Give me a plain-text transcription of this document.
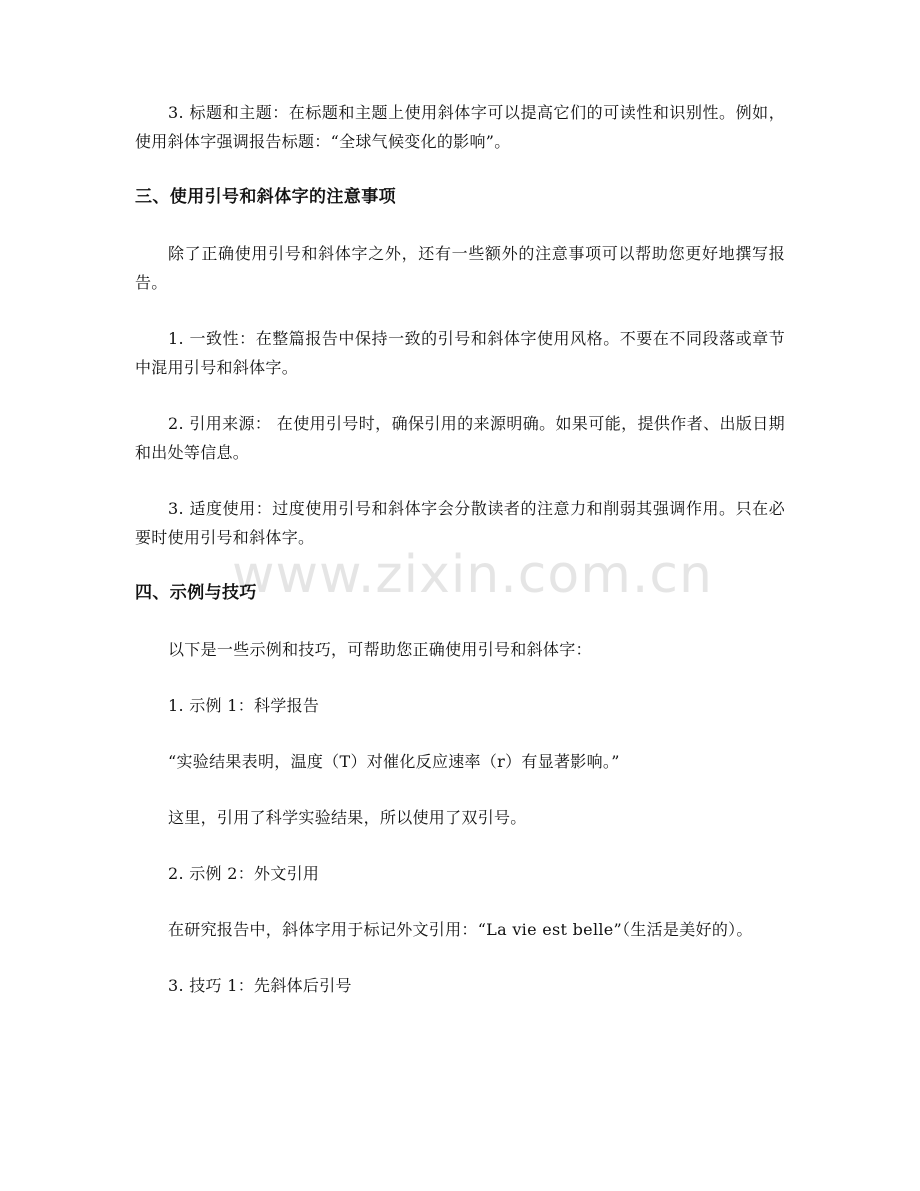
www.zixin.com.cn

3. 标题和主题：在标题和主题上使用斜体字可以提高它们的可读性和识别性。例如，使用斜体字强调报告标题：“全球气候变化的影响”。

三、使用引号和斜体字的注意事项

除了正确使用引号和斜体字之外，还有一些额外的注意事项可以帮助您更好地撰写报告。

1. 一致性：在整篇报告中保持一致的引号和斜体字使用风格。不要在不同段落或章节中混用引号和斜体字。

2. 引用来源： 在使用引号时，确保引用的来源明确。如果可能，提供作者、出版日期和出处等信息。

3. 适度使用：过度使用引号和斜体字会分散读者的注意力和削弱其强调作用。只在必要时使用引号和斜体字。

四、示例与技巧

以下是一些示例和技巧，可帮助您正确使用引号和斜体字：

1. 示例 1：科学报告

“实验结果表明，温度（T）对催化反应速率（r）有显著影响。”

这里，引用了科学实验结果，所以使用了双引号。

2. 示例 2：外文引用

在研究报告中，斜体字用于标记外文引用：“La vie est belle”（生活是美好的）。

3. 技巧 1：先斜体后引号
